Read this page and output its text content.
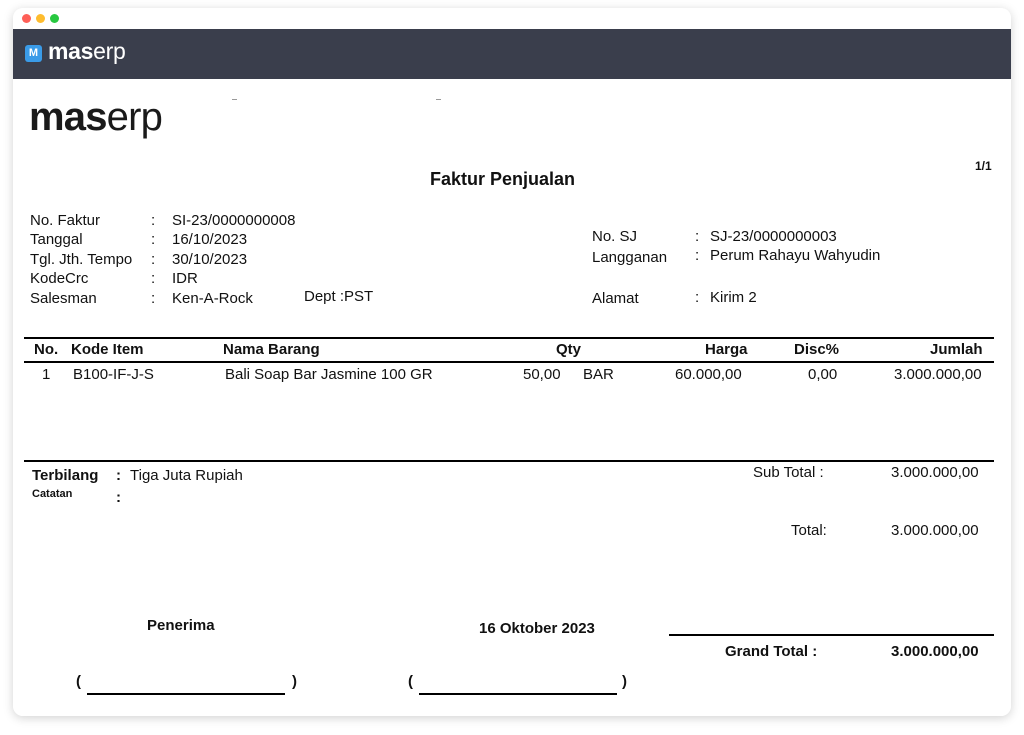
M maserp
maserp
Faktur Penjualan
1/1
No. Faktur	: SI-23/0000000008
Tanggal	: 16/10/2023
Tgl. Jth. Tempo : 30/10/2023
KodeCrc	: IDR
Salesman	: Ken-A-Rock	Dept :PST
No. SJ	: SJ-23/0000000003
Langganan : Perum Rahayu Wahyudin
Alamat	: Kirim 2
No. Kode Item	Nama Barang	Qty	Harga	Disc%	Jumlah
1 B100-IF-J-S	Bali Soap Bar Jasmine 100 GR	50,00 BAR	60.000,00	0,00	3.000.000,00
Terbilang : Tiga Juta Rupiah
Catatan	:
Sub Total :	3.000.000,00
Total:	3.000.000,00
Penerima	16 Oktober 2023
Grand Total :	3.000.000,00
(	)	(	)
